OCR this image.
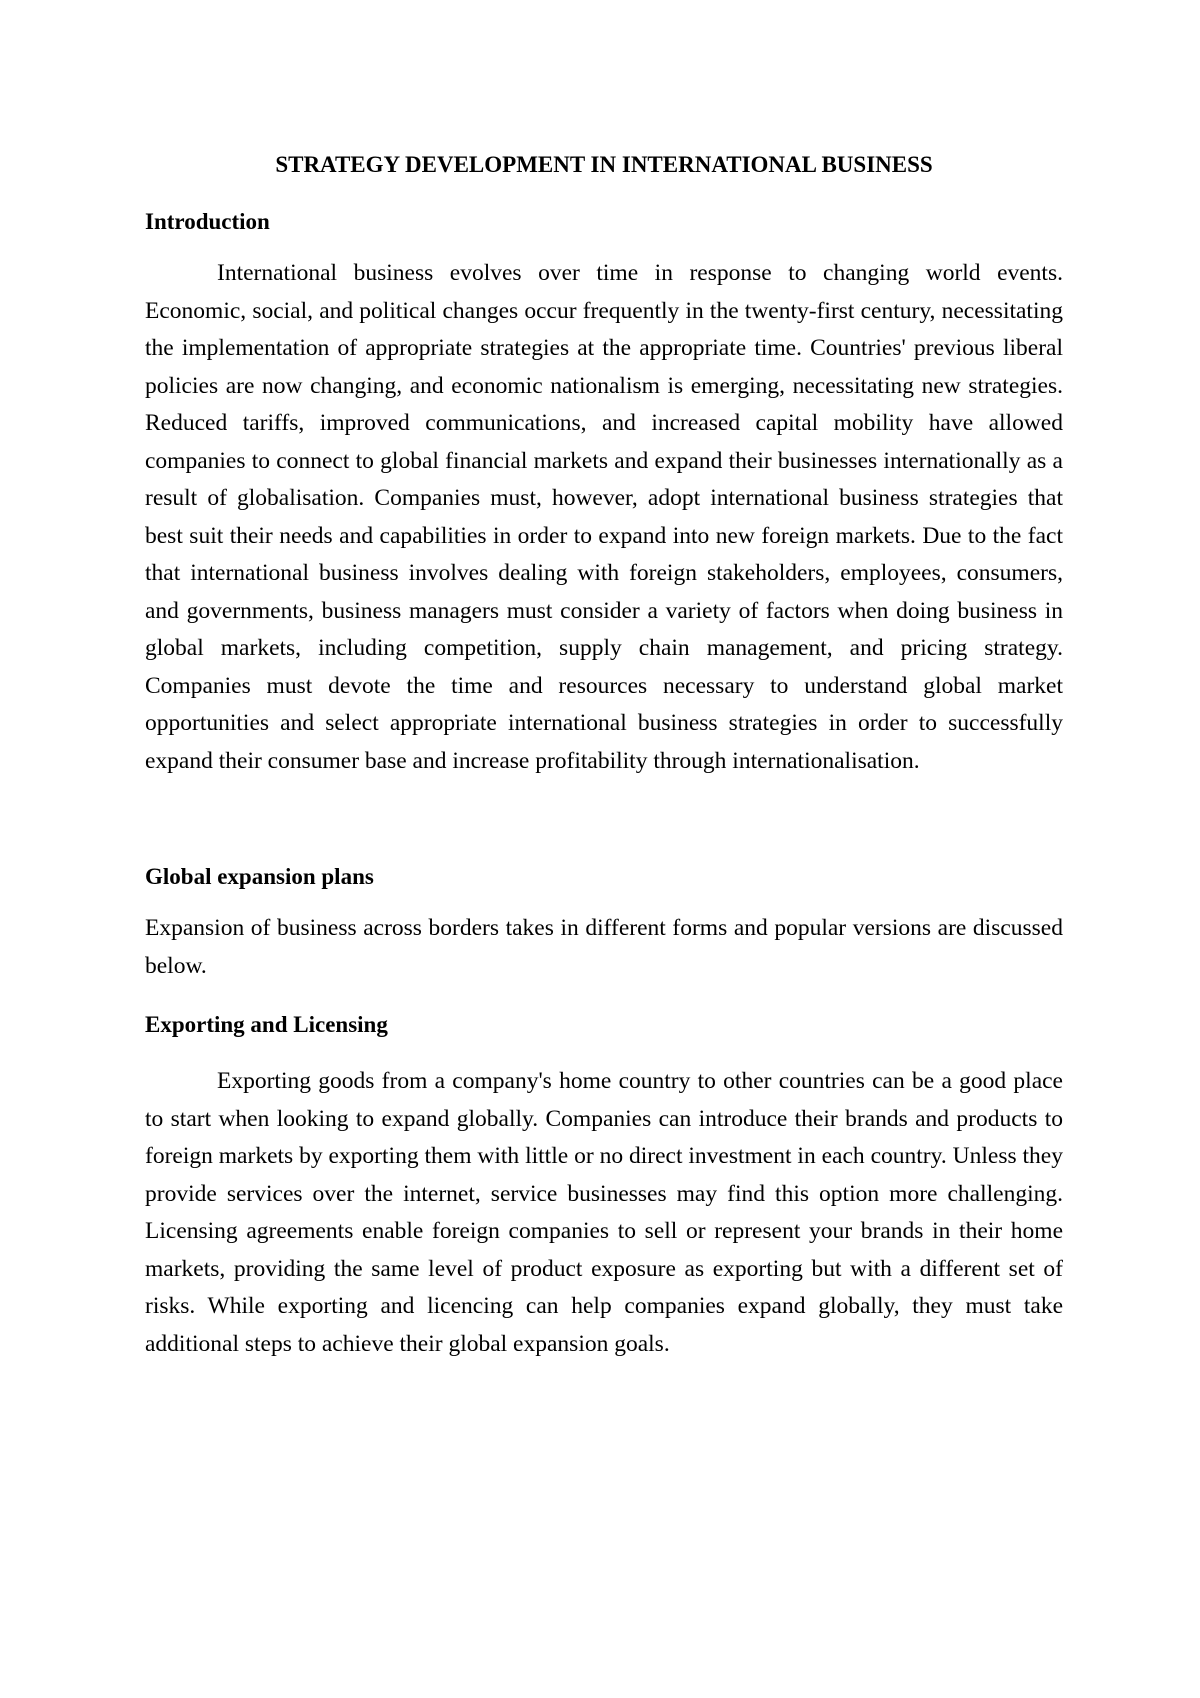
STRATEGY DEVELOPMENT IN INTERNATIONAL BUSINESS
Introduction

International business evolves over time in response to changing world events. Economic, social, and political changes occur frequently in the twenty-first century, necessitating the implementation of appropriate strategies at the appropriate time. Countries' previous liberal policies are now changing, and economic nationalism is emerging, necessitating new strategies. Reduced tariffs, improved communications, and increased capital mobility have allowed companies to connect to global financial markets and expand their businesses internationally as a result of globalisation. Companies must, however, adopt international business strategies that best suit their needs and capabilities in order to expand into new foreign markets. Due to the fact that international business involves dealing with foreign stakeholders, employees, consumers, and governments, business managers must consider a variety of factors when doing business in global markets, including competition, supply chain management, and pricing strategy. Companies must devote the time and resources necessary to understand global market opportunities and select appropriate international business strategies in order to successfully expand their consumer base and increase profitability through internationalisation.

Global expansion plans

Expansion of business across borders takes in different forms and popular versions are discussed below.

Exporting and Licensing

Exporting goods from a company's home country to other countries can be a good place to start when looking to expand globally. Companies can introduce their brands and products to foreign markets by exporting them with little or no direct investment in each country. Unless they provide services over the internet, service businesses may find this option more challenging. Licensing agreements enable foreign companies to sell or represent your brands in their home markets, providing the same level of product exposure as exporting but with a different set of risks. While exporting and licencing can help companies expand globally, they must take additional steps to achieve their global expansion goals.
